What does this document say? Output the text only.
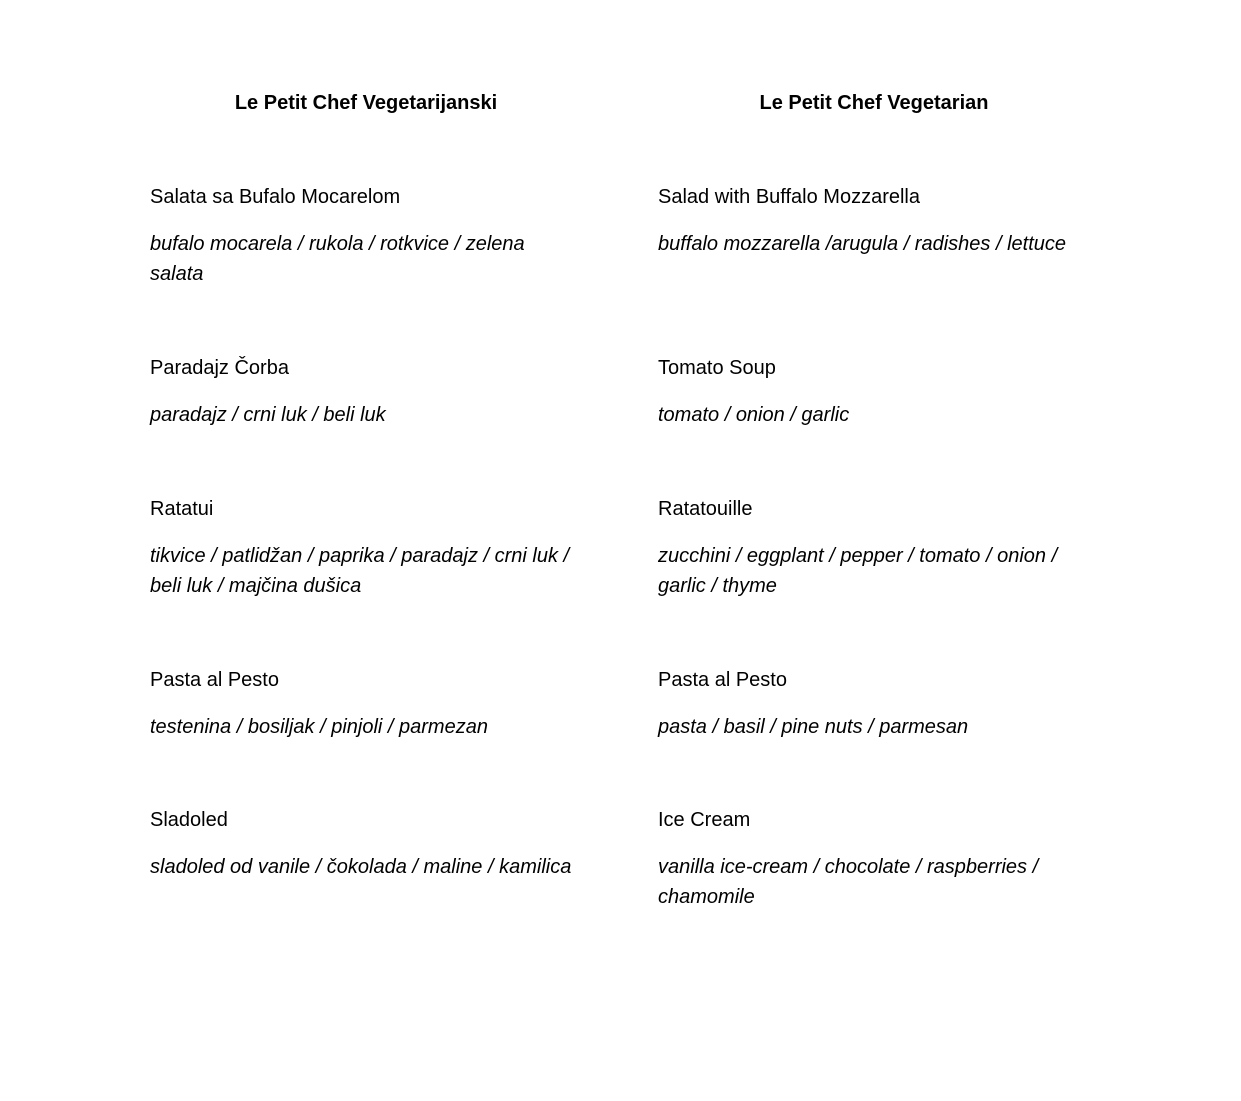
Le Petit Chef Vegetarijanski

Salata sa Bufalo Mocarelom

bufalo mocarela / rukola / rotkvice / zelena salata

Paradajz Čorba

paradajz / crni luk / beli luk

Ratatui

tikvice / patlidžan / paprika / paradajz / crni luk / beli luk / majčina dušica

Pasta al Pesto

testenina / bosiljak / pinjoli / parmezan

Sladoled

sladoled od vanile / čokolada / maline / kamilica

Le Petit Chef Vegetarian

Salad with Buffalo Mozzarella

buffalo mozzarella /arugula / radishes / lettuce

Tomato Soup

tomato / onion / garlic

Ratatouille

zucchini / eggplant / pepper / tomato / onion / garlic / thyme

Pasta al Pesto

pasta / basil / pine nuts / parmesan

Ice Cream

vanilla ice-cream / chocolate / raspberries / chamomile
